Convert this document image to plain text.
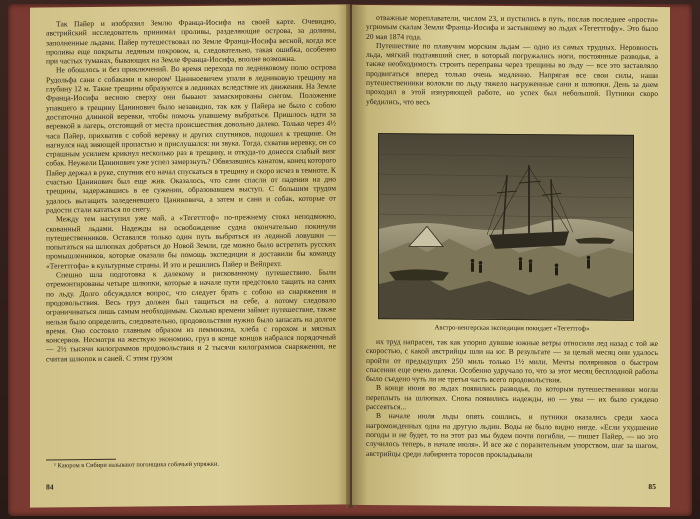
Так Пайер и изобразил Землю Франца-Иосифа на своей карте. Очевидно, австрийский исследователь принимал проливы, разделяющие острова, за долины, заполненные льдами. Пайер путешествовал по Земле Франца-Иосифа весной, когда все проливы еще покрыты ледяным покровом, и, следовательно, такая ошибка, особенно при частых туманах, бывающих на Земле Франца-Иосифа, вполне возможна.

Не обошлось и без приключений. Во время перехода по ледниковому полю острова Рудольфа сани с собаками и каюром¹ Цаниноевичем упали в ледниковую трещину на глубину 12 м. Такие трещины образуются в ледниках вследствие их движения. На Земле Франца-Иосифа весною сверху они бывают замаскированы снегом. Положение упавшего в трещину Цанинович было незавидно, так как у Пайера не было с собою достаточно длинной веревки, чтобы помочь упавшему выбраться. Пришлось идти за веревкой в лагерь, отстоящий от места происшествия довольно далеко. Только через 4½ часа Пайер, прихватив с собой веревку и других спутников, подошел к трещине. Он нагнулся над зияющей пропастью и прислушался: ни звука. Тогда, схватив веревку, он со страшным усилием крикнул несколько раз в трещину, и откуда-то донесся слабый визг собак. Неужели Цанинович уже успел замерзнуть? Обвязавшись канатом, конец которого Пайер держал в руке, спутник его начал спускаться в трещину и скоро исчез в темноте. К счастью Цанинович был еще жив. Оказалось, что сани спасли от падения на дно трещины, задержавшись в ее сужении, образовавшем выступ. С большим трудом удалось вытащить заледеневшего Цаниновича, а затем и сани и собак, которые от радости стали кататься по снегу.

Между тем наступил уже май, а «Тегеттгоф» по-прежнему стоял неподвижно, скованный льдами. Надежды на освобождение судна окончательно покинули путешественников. Оставался только один путь выбраться из ледяной ловушки — попытаться на шлюпках добраться до Новой Земли, где можно было встретить русских промышленников, которые оказали бы помощь экспедиции и доставили бы команду «Тегеттгофа» в культурные страны. И это и решились Пайер и Вейпрехт.

Спешно шла подготовка к далекому и рискованному путешествию. Были отремонтированы четыре шлюпки, которые в начале пути предстояло тащить на санях по льду. Долго обсуждался вопрос, что следует брать с собою из снаряжения и продовольствия. Весь груз должен был тащиться на себе, а потому следовало ограничиваться лишь самым необходимым. Сколько времени займет путешествие, также нельзя было определить, следовательно, продовольствия нужно было запасать на долгое время. Оно состояло главным образом из пеммикана, хлеба с горохом и мясных консервов. Несмотря на жесткую экономию, груз в конце концов набрался порядочный — 2½ тысячи килограммов продовольствия и 2 тысячи килограммов снаряжения, не считая шлюпок и саней. С этим грузом

¹ Каюром в Сибири называют погонщика собачьей упряжки.
84

отважные мореплаватели, числом 23, и пустились в путь, послав последнее «прости» угрюмым скалам Земли Франца-Иосифа и застывшему во льдах «Тегеттгофу». Это было 20 мая 1874 года.

Путешествие по плавучим морским льдам — одно из самых трудных. Неровность льда, мягкий подтаявший снег, в который погружались ноги, постоянные разводья, а также необходимость строить переправы через трещины во льду — все это заставляло продвигаться вперед только очень медленно. Напрягая все свои силы, наши путешественники волокли по льду тяжело нагруженные сани и шлюпки. День за днем проходил в этой изнуряющей работе, но успех был небольшой. Путники скоро убедились, что весь

Австро-венгерская экспедиция покидает «Тегеттгоф»

их труд напрасен, так как упорно дувшие южные ветры относили лед назад с той же скоростью, с какой австрийцы шли на юг. В результате — за целый месяц они удалось пройти от предыдущих 250 миль только 1½ мили. Мечты полярников о быстром спасении еще очень далеки. Особенно удручало то, что за этот месяц бесплодной работы было съедено чуть ли не третья часть всего продовольствия.

В конце июня во льдах появились разводья, по которым путешественники могли переплыть на шлюпках. Снова появились надежды, но — увы — их было суждено рассеяться...

В начале июля льды опять сошлись, и путники оказались среди хаоса нагроможденных одна на другую льдин. Воды не было видно нигде. «Если ухудшение погоды и не будет, то на этот раз мы будем почти погибли, — пишет Пайер, — но это случилось теперь, в начале июля». И все же с поразительным упорством, шаг за шагом, австрийцы среди лабиринта торосов прокладывали

85
